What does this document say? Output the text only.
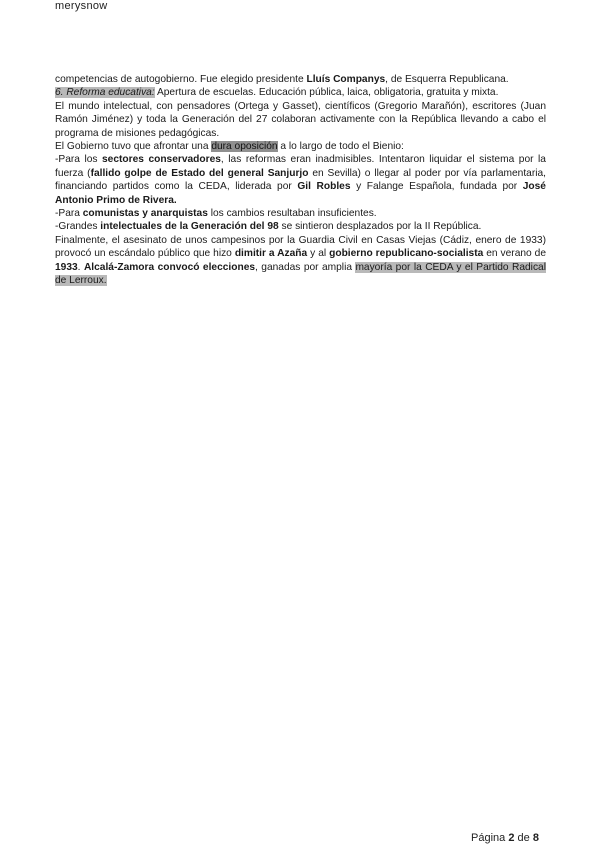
merysnow

competencias de autogobierno. Fue elegido presidente Lluís Companys, de Esquerra Republicana.

6. Reforma educativa: Apertura de escuelas. Educación pública, laica, obligatoria, gratuita y mixta.

El mundo intelectual, con pensadores (Ortega y Gasset), científicos (Gregorio Marañón), escritores (Juan Ramón Jiménez) y toda la Generación del 27 colaboran activamente con la República llevando a cabo el programa de misiones pedagógicas.

El Gobierno tuvo que afrontar una dura oposición a lo largo de todo el Bienio:

-Para los sectores conservadores, las reformas eran inadmisibles. Intentaron liquidar el sistema por la fuerza (fallido golpe de Estado del general Sanjurjo en Sevilla) o llegar al poder por vía parlamentaria, financiando partidos como la CEDA, liderada por Gil Robles y Falange Española, fundada por José Antonio Primo de Rivera.

-Para comunistas y anarquistas los cambios resultaban insuficientes.

-Grandes intelectuales de la Generación del 98 se sintieron desplazados por la II República.

Finalmente, el asesinato de unos campesinos por la Guardia Civil en Casas Viejas (Cádiz, enero de 1933) provocó un escándalo público que hizo dimitir a Azaña y al gobierno republicano-socialista en verano de 1933. Alcalá-Zamora convocó elecciones, ganadas por amplia mayoría por la CEDA y el Partido Radical de Lerroux.

Página 2 de 8
